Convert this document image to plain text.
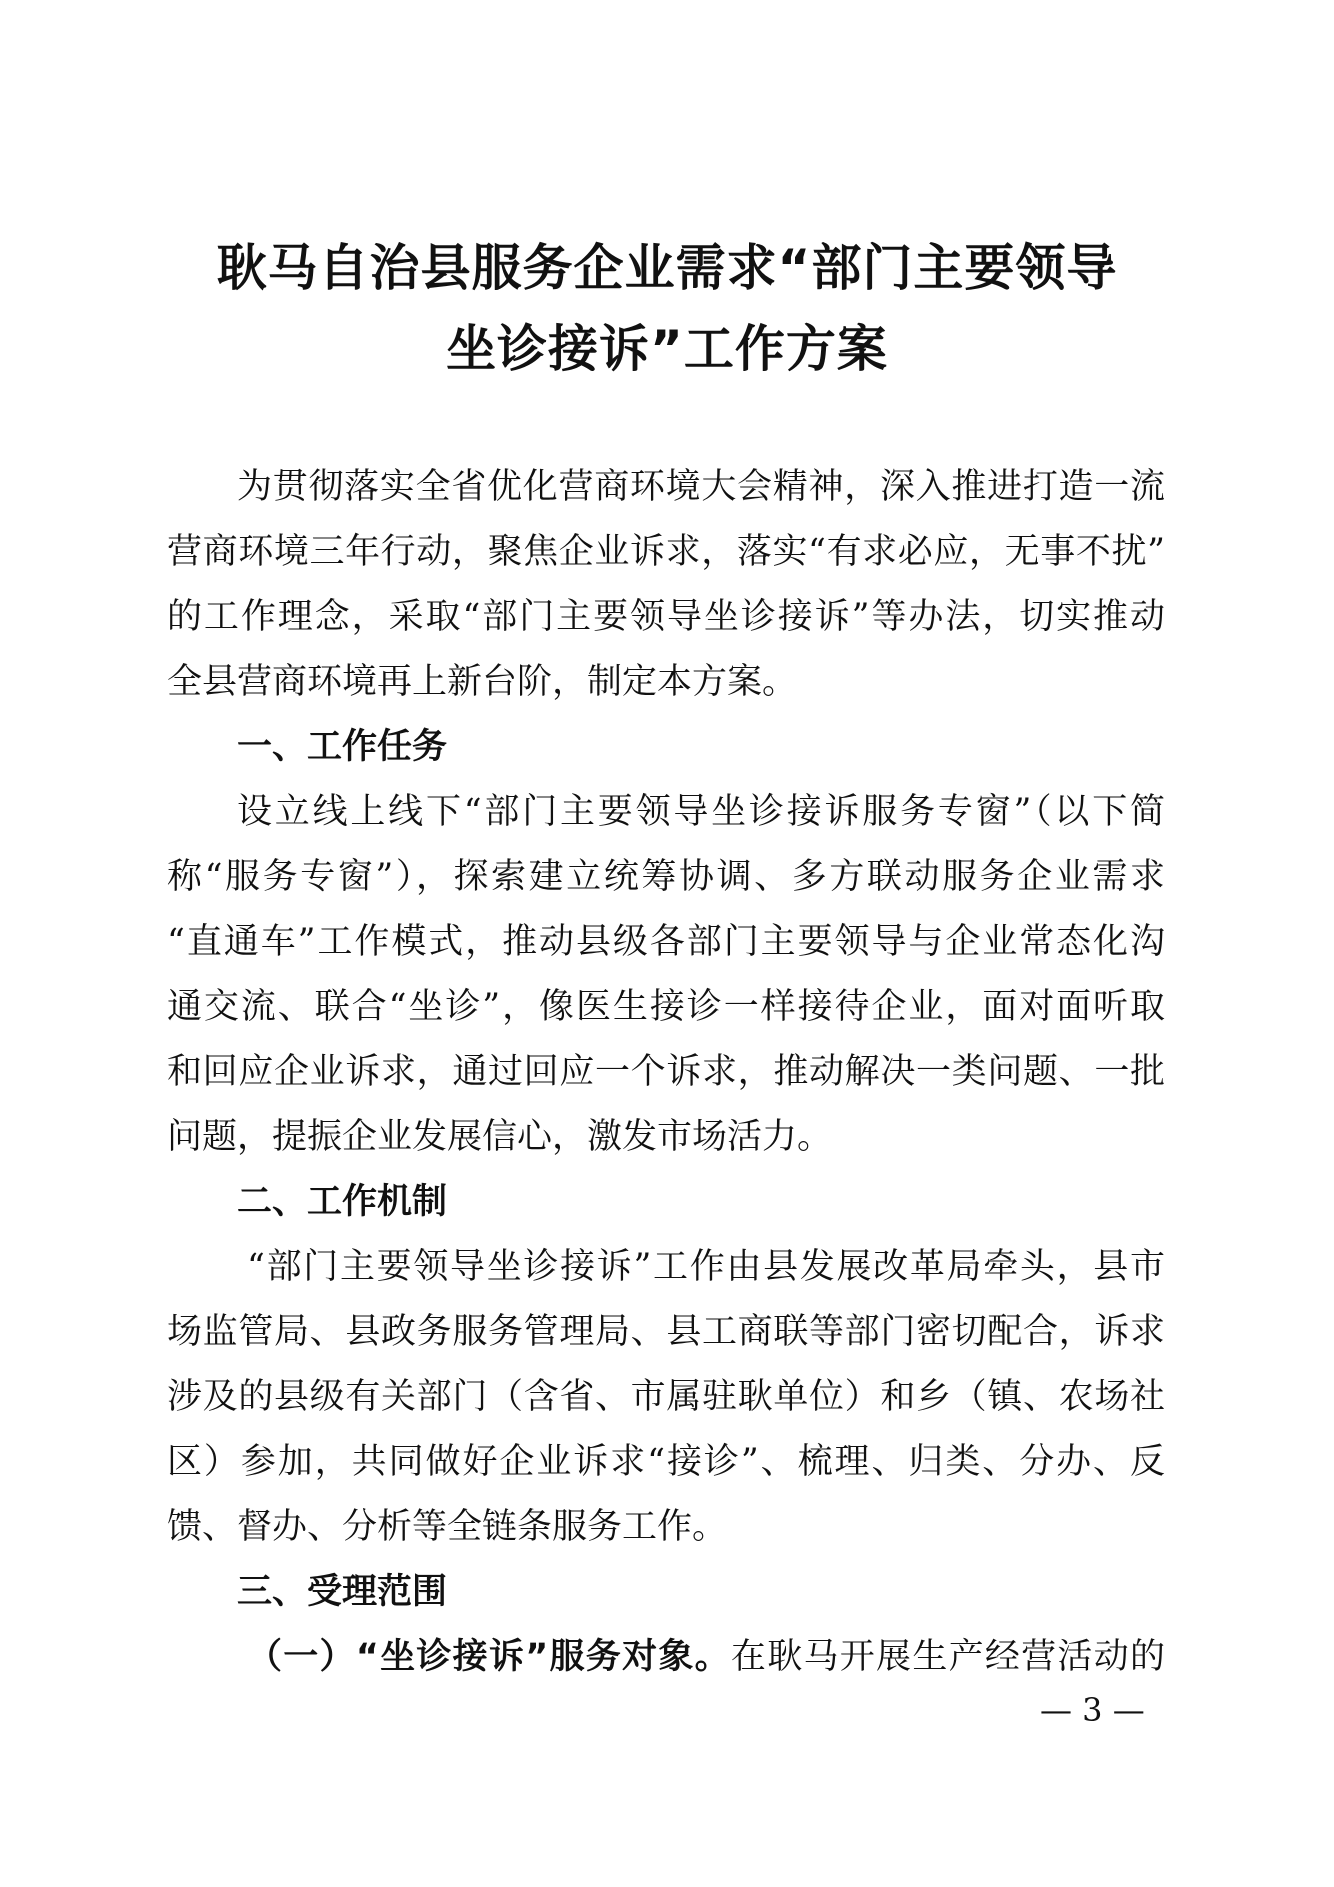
耿马自治县服务企业需求“部门主要领导
坐诊接诉”工作方案
为贯彻落实全省优化营商环境大会精神，深入推进打造一流
营商环境三年行动，聚焦企业诉求，落实“有求必应，无事不扰”
的工作理念，采取“部门主要领导坐诊接诉”等办法，切实推动
全县营商环境再上新台阶，制定本方案。
一、工作任务
设立线上线下“部门主要领导坐诊接诉服务专窗”（以下简
称“服务专窗”），探索建立统筹协调、多方联动服务企业需求
“直通车”工作模式，推动县级各部门主要领导与企业常态化沟
通交流、联合“坐诊”，像医生接诊一样接待企业，面对面听取
和回应企业诉求，通过回应一个诉求，推动解决一类问题、一批
问题，提振企业发展信心，激发市场活力。
二、工作机制
“部门主要领导坐诊接诉”工作由县发展改革局牵头，县市
场监管局、县政务服务管理局、县工商联等部门密切配合，诉求
涉及的县级有关部门（含省、市属驻耿单位）和乡（镇、农场社
区）参加，共同做好企业诉求“接诊”、梳理、归类、分办、反
馈、督办、分析等全链条服务工作。
三、受理范围
（一）“坐诊接诉”服务对象。在耿马开展生产经营活动的
— 3 —
